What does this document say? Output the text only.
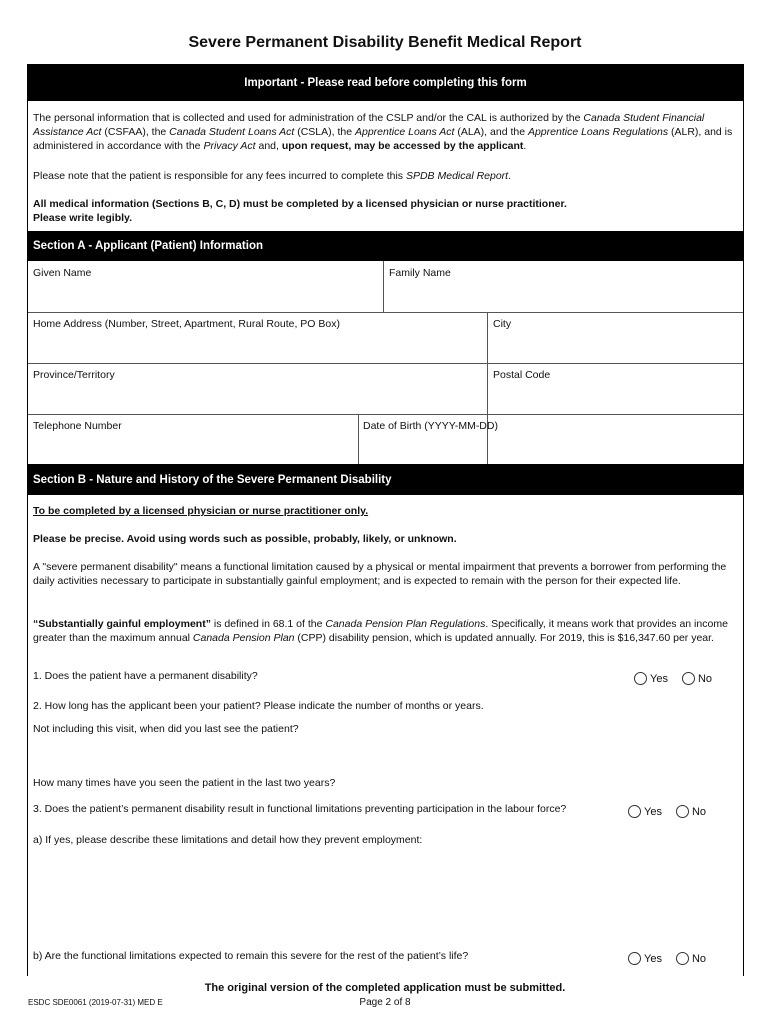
Severe Permanent Disability Benefit Medical Report
Important - Please read before completing this form
The personal information that is collected and used for administration of the CSLP and/or the CAL is authorized by the Canada Student Financial Assistance Act (CSFAA), the Canada Student Loans Act (CSLA), the Apprentice Loans Act (ALA), and the Apprentice Loans Regulations (ALR), and is administered in accordance with the Privacy Act and, upon request, may be accessed by the applicant.
Please note that the patient is responsible for any fees incurred to complete this SPDB Medical Report.
All medical information (Sections B, C, D) must be completed by a licensed physician or nurse practitioner.
Please write legibly.
Section A - Applicant (Patient) Information
Given Name	Family Name
Home Address (Number, Street, Apartment, Rural Route, PO Box)	City
Province/Territory	Postal Code
Telephone Number	Date of Birth (YYYY-MM-DD)
Section B - Nature and History of the Severe Permanent Disability
To be completed by a licensed physician or nurse practitioner only.
Please be precise. Avoid using words such as possible, probably, likely, or unknown.
A "severe permanent disability" means a functional limitation caused by a physical or mental impairment that prevents a borrower from performing the daily activities necessary to participate in substantially gainful employment; and is expected to remain with the person for their expected life.
“Substantially gainful employment” is defined in 68.1 of the Canada Pension Plan Regulations. Specifically, it means work that provides an income greater than the maximum annual Canada Pension Plan (CPP) disability pension, which is updated annually. For 2019, this is $16,347.60 per year.
1. Does the patient have a permanent disability?	Yes	No
2. How long has the applicant been your patient? Please indicate the number of months or years.
Not including this visit, when did you last see the patient?
How many times have you seen the patient in the last two years?
3. Does the patient’s permanent disability result in functional limitations preventing participation in the labour force?	Yes	No
a) If yes, please describe these limitations and detail how they prevent employment:
b) Are the functional limitations expected to remain this severe for the rest of the patient’s life?	Yes	No
The original version of the completed application must be submitted.
Page 2 of 8
ESDC SDE0061 (2019-07-31) MED E
